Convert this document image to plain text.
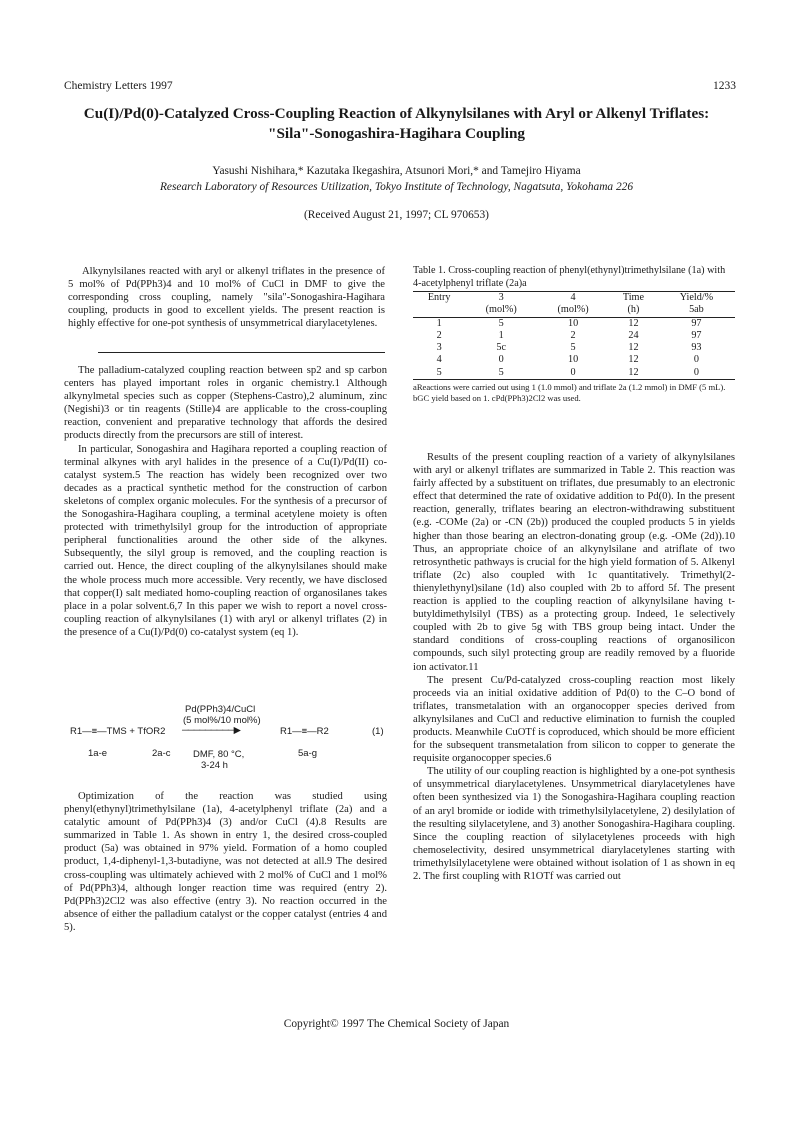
Chemistry Letters 1997	1233
Cu(I)/Pd(0)-Catalyzed Cross-Coupling Reaction of Alkynylsilanes with Aryl or Alkenyl Triflates:
"Sila"-Sonogashira-Hagihara Coupling
Yasushi Nishihara,* Kazutaka Ikegashira, Atsunori Mori,* and Tamejiro Hiyama
Research Laboratory of Resources Utilization, Tokyo Institute of Technology, Nagatsuta, Yokohama 226
(Received August 21, 1997; CL 970653)

Alkynylsilanes reacted with aryl or alkenyl triflates in the presence of 5 mol% of Pd(PPh3)4 and 10 mol% of CuCl in DMF to give the corresponding cross coupling, namely "sila"-Sonogashira-Hagihara coupling, products in good to excellent yields. The present reaction is highly effective for one-pot synthesis of unsymmetrical diarylacetylenes.

The palladium-catalyzed coupling reaction between sp2 and sp carbon centers has played important roles in organic chemistry.1 Although alkynylmetal species such as copper (Stephens-Castro),2 aluminum, zinc (Negishi)3 or tin reagents (Stille)4 are applicable to the cross-coupling reaction, convenient and preparative technology that affords the desired products directly from the precursors are still of interest.

In particular, Sonogashira and Hagihara reported a coupling reaction of terminal alkynes with aryl halides in the presence of a Cu(I)/Pd(II) co-catalyst system.5 The reaction has widely been recognized over two decades as a practical synthetic method for the construction of carbon skeletons of complex organic molecules. For the synthesis of a precursor of the Sonogashira-Hagihara coupling, a terminal acetylene moiety is often protected with trimethylsilyl group for the introduction of appropriate peripheral functionalities around the other side of the alkynes. Subsequently, the silyl group is removed, and the coupling reaction is carried out. Hence, the direct coupling of the alkynylsilanes should make the whole process much more accessible. Very recently, we have disclosed that copper(I) salt mediated homo-coupling reaction of organosilanes takes place in a polar solvent.6,7 In this paper we wish to report a novel cross-coupling reaction of alkynylsilanes (1) with aryl or alkenyl triflates (2) in the presence of a Cu(I)/Pd(0) co-catalyst system (eq 1).

Pd(PPh3)4/CuCl
(5 mol%/10 mol%)
R1—≡—TMS + TfOR2 ─────────▶	R1—≡—R2	(1)
DMF, 80 °C,
3-24 h
1a-e	2a-c	5a-g

Optimization of the reaction was studied using phenyl(ethynyl)trimethylsilane (1a), 4-acetylphenyl triflate (2a) and a catalytic amount of Pd(PPh3)4 (3) and/or CuCl (4).8 Results are summarized in Table 1. As shown in entry 1, the desired cross-coupled product (5a) was obtained in 97% yield. Formation of a homo coupled product, 1,4-diphenyl-1,3-butadiyne, was not detected at all.9 The desired cross-coupling was ultimately achieved with 2 mol% of CuCl and 1 mol% of Pd(PPh3)4, although longer reaction time was required (entry 2). Pd(PPh3)2Cl2 was also effective (entry 3). No reaction occurred in the absence of either the palladium catalyst or the copper catalyst (entries 4 and 5).

Table 1. Cross-coupling reaction of phenyl(ethynyl)trimethylsilane (1a) with 4-acetylphenyl triflate (2a)a
Entry	3	4	Time	Yield/%
	(mol%)	(mol%)	(h)	5ab
1	5	10	12	97
2	1	2	24	97
3	5c	5	12	93
4	0	10	12	0
5	5	0	12	0
aReactions were carried out using 1 (1.0 mmol) and triflate 2a (1.2 mmol) in DMF (5 mL). bGC yield based on 1. cPd(PPh3)2Cl2 was used.

Results of the present coupling reaction of a variety of alkynylsilanes with aryl or alkenyl triflates are summarized in Table 2. This reaction was fairly affected by a substituent on triflates, due presumably to an electronic effect that determined the rate of oxidative addition to Pd(0). In the present reaction, generally, triflates bearing an electron-withdrawing substituent (e.g. -COMe (2a) or -CN (2b)) produced the coupled products 5 in yields higher than those bearing an electron-donating group (e.g. -OMe (2d)).10 Thus, an appropriate choice of an alkynylsilane and atriflate of two retrosynthetic pathways is crucial for the high yield formation of 5. Alkenyl triflate (2c) also coupled with 1c quantitatively. Trimethyl(2-thienylethynyl)silane (1d) also coupled with 2b to afford 5f. The present reaction is applied to the coupling reaction of alkynylsilane having t-butyldimethylsilyl (TBS) as a protecting group. Indeed, 1e selectively coupled with 2b to give 5g with TBS group being intact. Under the standard conditions of cross-coupling reactions of organosilicon compounds, such silyl protecting group are readily removed by a fluoride ion activator.11

The present Cu/Pd-catalyzed cross-coupling reaction most likely proceeds via an initial oxidative addition of Pd(0) to the C–O bond of triflates, transmetalation with an organocopper species derived from alkynylsilanes and CuCl and reductive elimination to furnish the coupled products. Meanwhile CuOTf is coproduced, which should be more efficient for the subsequent transmetalation from silicon to copper to generate the requisite organocopper species.6

The utility of our coupling reaction is highlighted by a one-pot synthesis of unsymmetrical diarylacetylenes. Unsymmetrical diarylacetylenes have often been synthesized via 1) the Sonogashira-Hagihara coupling reaction of an aryl bromide or iodide with trimethylsilylacetylene, 2) desilylation of the resulting silylacetylene, and 3) another Sonogashira-Hagihara coupling. Since the coupling reaction of silylacetylenes proceeds with high chemoselectivity, desired unsymmetrical diarylacetylenes starting with trimethylsilylacetylene were obtained without isolation of 1 as shown in eq 2. The first coupling with R1OTf was carried out

Copyright© 1997 The Chemical Society of Japan
